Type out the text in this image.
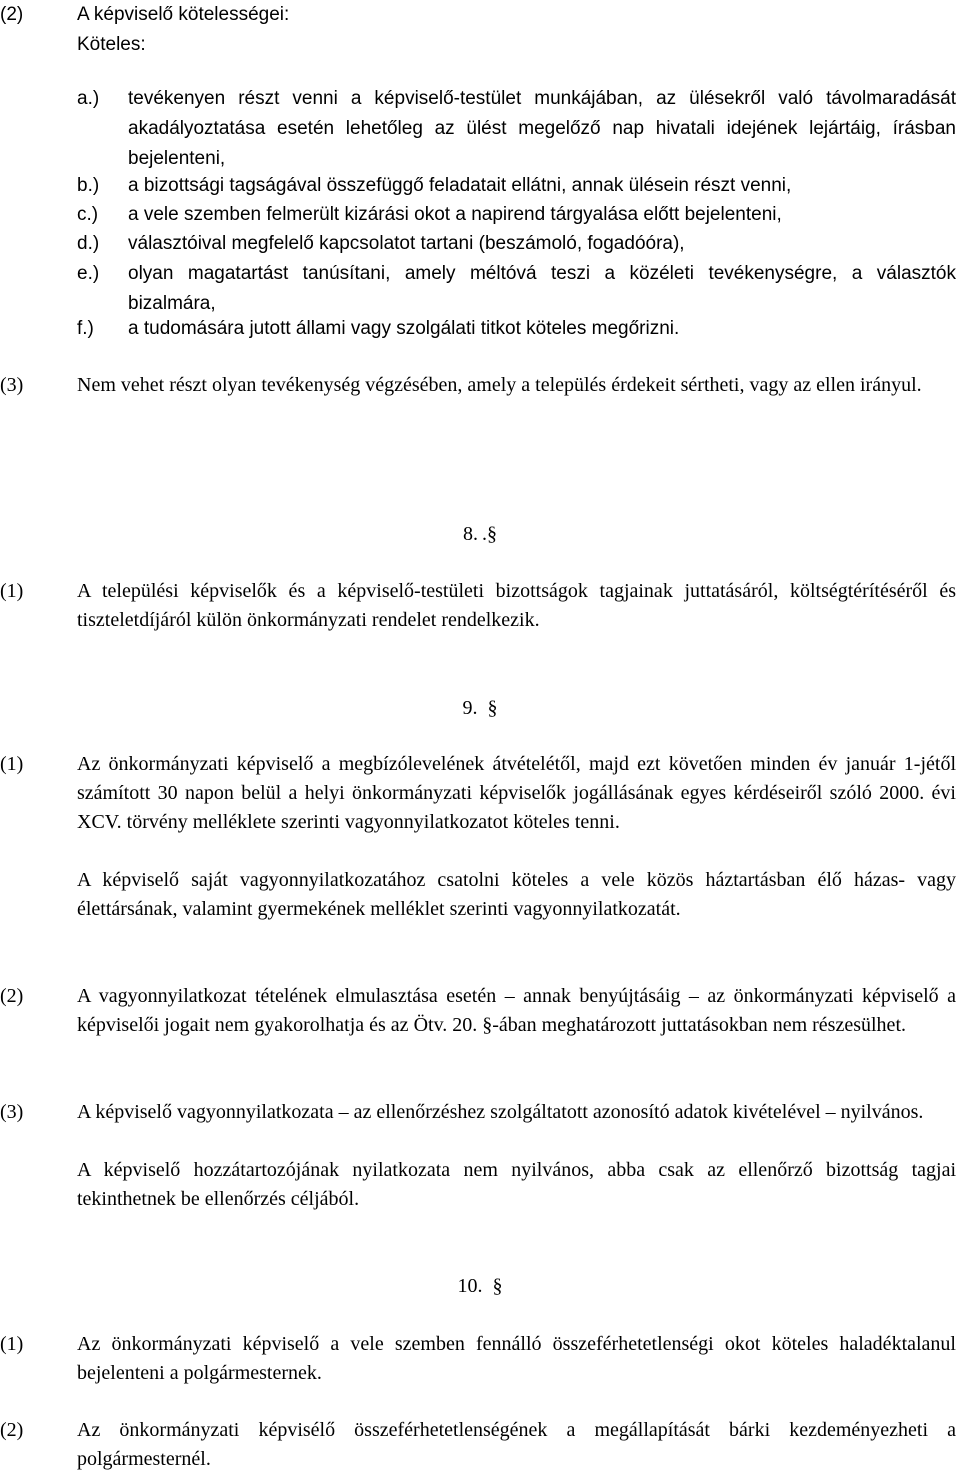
(2)	A képviselő kötelességei:
Köteles:
a.) tevékenyen részt venni a képviselő-testület munkájában, az ülésekről való távolmaradását akadályoztatása esetén lehetőleg az ülést megelőző nap hivatali idejének lejártáig, írásban bejelenteni,
b.) a bizottsági tagságával összefüggő feladatait ellátni, annak ülésein részt venni,
c.) a vele szemben felmerült kizárási okot a napirend tárgyalása előtt bejelenteni,
d.) választóival megfelelő kapcsolatot tartani (beszámoló, fogadóóra),
e.) olyan magatartást tanúsítani, amely méltóvá teszi a közéleti tevékenységre, a választók bizalmára,
f.) a tudomására jutott állami vagy szolgálati titkot köteles megőrizni.
(3)	Nem vehet részt olyan tevékenység végzésében, amely a település érdekeit sértheti, vagy az ellen irányul.
8. .§
(1)	A települési képviselők és a képviselő-testületi bizottságok tagjainak juttatásáról, költségtérítéséről és tiszteletdíjáról külön önkormányzati rendelet rendelkezik.
9. §
(1)	Az önkormányzati képviselő a megbízólevelének átvételétől, majd ezt követően minden év január 1-jétől számított 30 napon belül a helyi önkormányzati képviselők jogállásának egyes kérdéseiről szóló 2000. évi XCV. törvény melléklete szerinti vagyonnyilatkozatot köteles tenni.
A képviselő saját vagyonnyilatkozatához csatolni köteles a vele közös háztartásban élő házas- vagy élettársának, valamint gyermekének melléklet szerinti vagyonnyilatkozatát.
(2)	A vagyonnyilatkozat tételének elmulasztása esetén – annak benyújtásáig – az önkormányzati képviselő a képviselői jogait nem gyakorolhatja és az Ötv. 20. §-ában meghatározott juttatásokban nem részesülhet.
(3)	A képviselő vagyonnyilatkozata – az ellenőrzéshez szolgáltatott azonosító adatok kivételével – nyilvános.
A képviselő hozzátartozójának nyilatkozata nem nyilvános, abba csak az ellenőrző bizottság tagjai tekinthetnek be ellenőrzés céljából.
10. §
(1)	Az önkormányzati képviselő a vele szemben fennálló összeférhetetlenségi okot köteles haladéktalanul bejelenteni a polgármesternek.
(2)	Az önkormányzati képvisélő összeférhetetlenségének a megállapítását bárki kezdeményezheti a polgármesternél.
